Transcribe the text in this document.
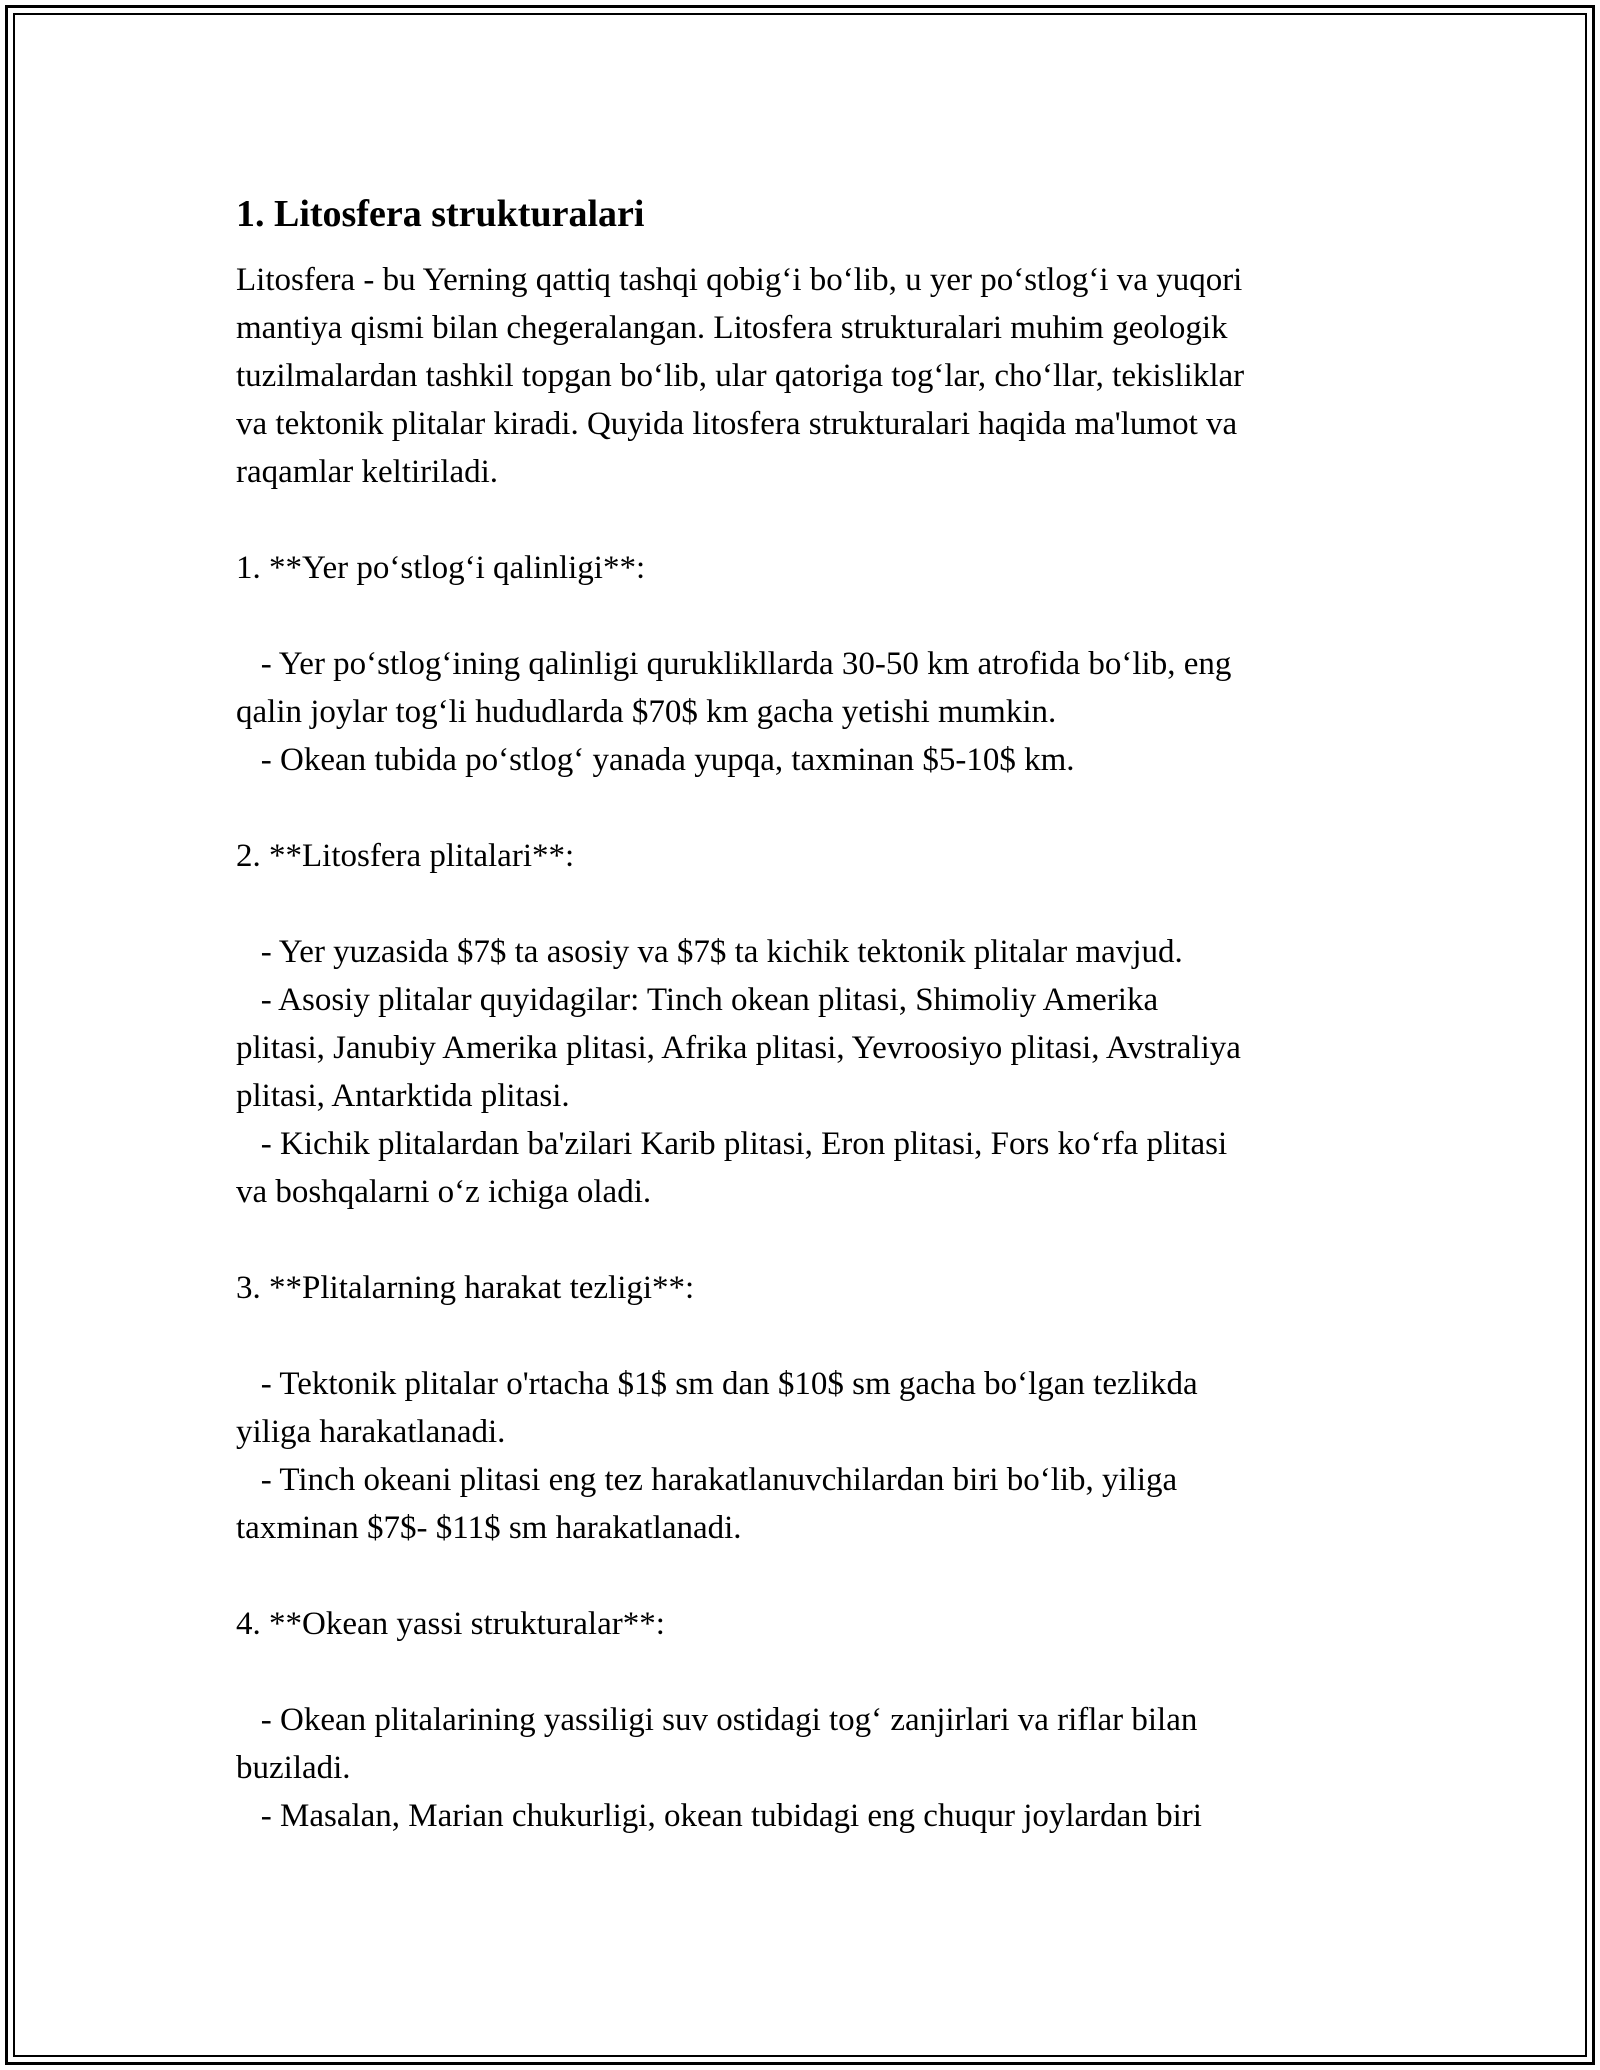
1. Litosfera strukturalari

Litosfera - bu Yerning qattiq tashqi qobig‘i bo‘lib, u yer po‘stlog‘i va yuqori

mantiya qismi bilan chegeralangan. Litosfera strukturalari muhim geologik

tuzilmalardan tashkil topgan bo‘lib, ular qatoriga tog‘lar, cho‘llar, tekisliklar

va tektonik plitalar kiradi. Quyida litosfera strukturalari haqida ma'lumot va

raqamlar keltiriladi.

1. **Yer po‘stlog‘i qalinligi**:

- Yer po‘stlog‘ining qalinligi quruklikllarda 30-50 km atrofida bo‘lib, eng

qalin joylar tog‘li hududlarda $70$ km gacha yetishi mumkin.

- Okean tubida po‘stlog‘ yanada yupqa, taxminan $5-10$ km.

2. **Litosfera plitalari**:

- Yer yuzasida $7$ ta asosiy va $7$ ta kichik tektonik plitalar mavjud.

- Asosiy plitalar quyidagilar: Tinch okean plitasi, Shimoliy Amerika

plitasi, Janubiy Amerika plitasi, Afrika plitasi, Yevroosiyo plitasi, Avstraliya

plitasi, Antarktida plitasi.

- Kichik plitalardan ba'zilari Karib plitasi, Eron plitasi, Fors ko‘rfa plitasi

va boshqalarni o‘z ichiga oladi.

3. **Plitalarning harakat tezligi**:

- Tektonik plitalar o'rtacha $1$ sm dan $10$ sm gacha bo‘lgan tezlikda

yiliga harakatlanadi.

- Tinch okeani plitasi eng tez harakatlanuvchilardan biri bo‘lib, yiliga

taxminan $7$- $11$ sm harakatlanadi.

4. **Okean yassi strukturalar**:

- Okean plitalarining yassiligi suv ostidagi tog‘ zanjirlari va riflar bilan

buziladi.

- Masalan, Marian chukurligi, okean tubidagi eng chuqur joylardan biri
